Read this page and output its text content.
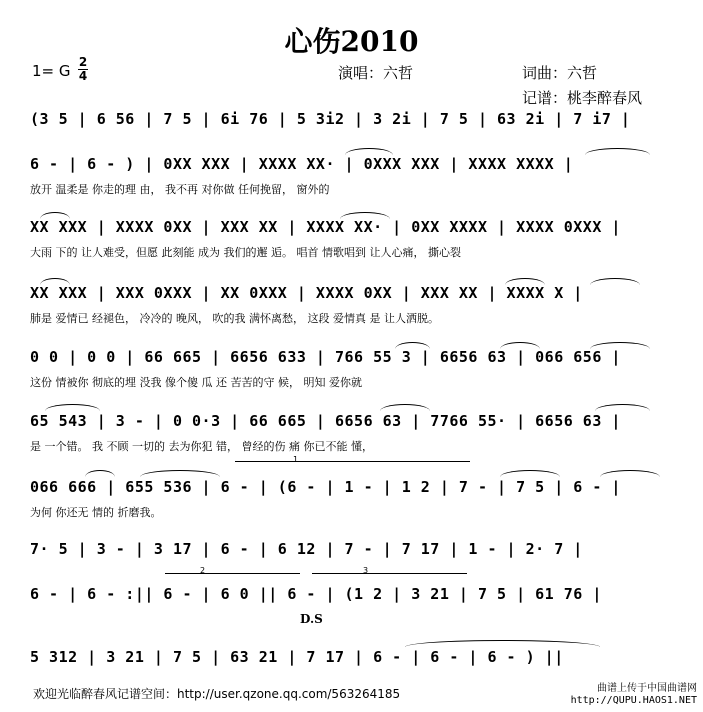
心伤2010
1= G 2
4	演唱：六哲	词曲：六哲
记谱：桃李醉春风
(3 5 | 6 56 | 7 5 | 6i 76 | 5 3i2 | 3 2i | 7 5 | 63 2i | 7 i7 |
6 - | 6 - ) | 0XX XXX | XXXX XX· | 0XXX XXX | XXXX XXXX |
放开 温柔是 你走的理 由， 我不再 对你做 任何挽留， 窗外的
XX XXX | XXXX 0XX | XXX XX | XXXX XX· | 0XX XXXX | XXXX 0XXX |
大雨 下的 让人难受，但愿 此刻能 成为 我们的邂 逅。 唱首 情歌唱到 让人心痛， 撕心裂
XX XXX | XXX 0XXX | XX 0XXX | XXXX 0XX | XXX XX | XXXX X |
肺是 爱情已 经褪色， 冷冷的 晚风， 吹的我 满怀离愁， 这段 爱情真 是 让人洒脱。
0 0 | 0 0 | 66 665 | 6656 633 | 766 55 3 | 6656 63 | 066 656 |
这份 情被你 彻底的埋 没我 像个傻 瓜 还 苦苦的守 候， 明知 爱你就
65 543 | 3 - | 0 0·3 | 66 665 | 6656 63 | 7766 55· | 6656 63 |
是 一个错。 我 不顾 一切的 去为你犯 错， 曾经的伤 痛 你已不能 懂，
066 666 | 655 536 | 6 - | (6 - | 1 - | 1 2 | 7 - | 7 5 | 6 - |
为何 你还无 情的 折磨我。
7· 5 | 3 - | 3 17 | 6 - | 6 12 | 7 - | 7 17 | 1 - | 2· 7 |
6 - | 6 - :|| 6 - | 6 0 || 6 - | (1 2 | 3 21 | 7 5 | 61 76 |
5 312 | 3 21 | 7 5 | 63 21 | 7 17 | 6 - | 6 - | 6 - ) ||
1
2	3
D.S
欢迎光临醉春风记谱空间：http://user.qzone.qq.com/563264185	曲谱上传于中国曲谱网
http://QUPU.HAOS1.NET
